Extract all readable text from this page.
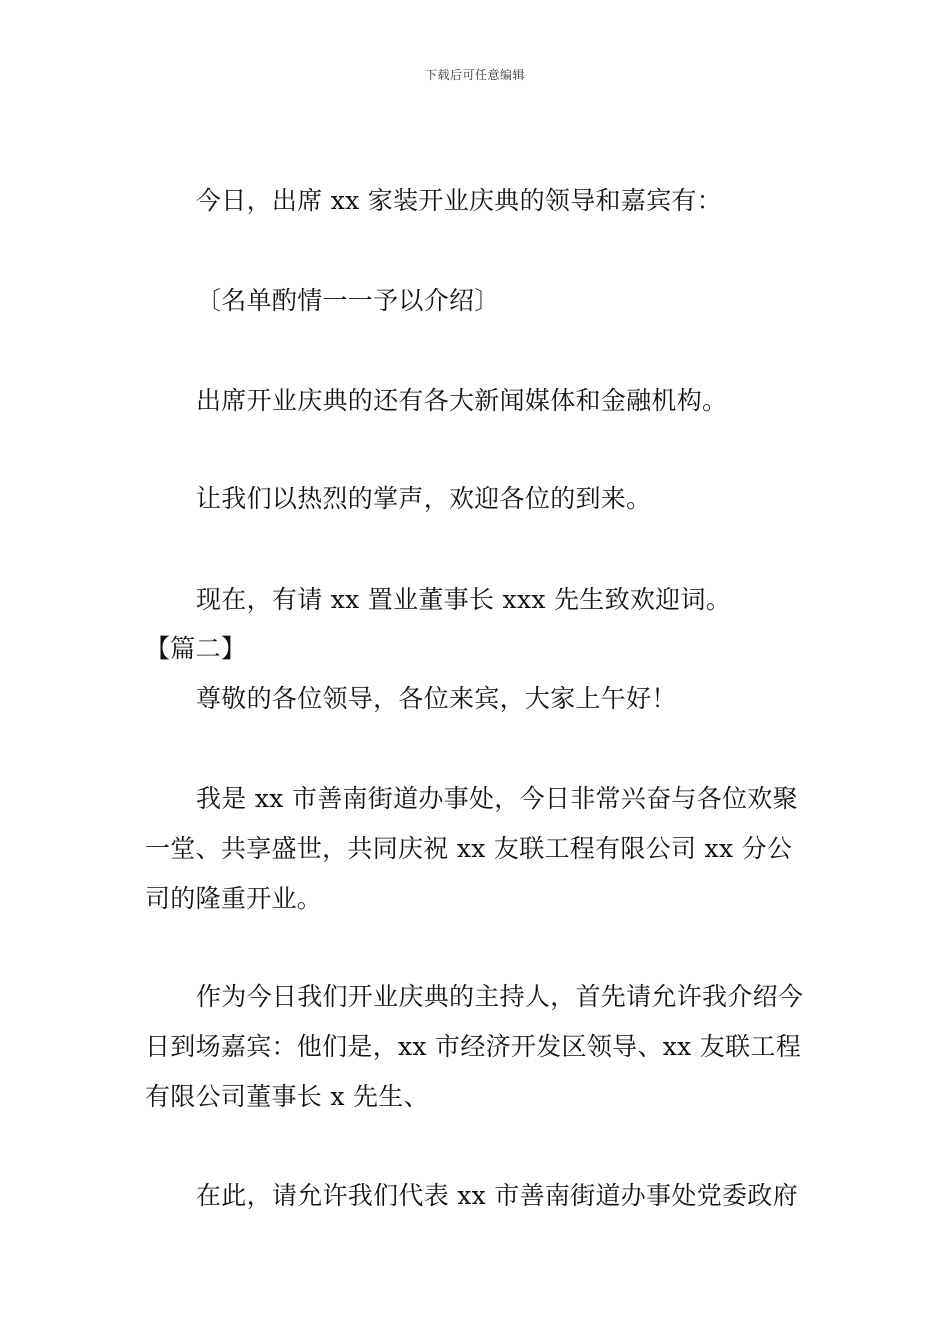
下载后可任意编辑
今日，出席 xx 家装开业庆典的领导和嘉宾有：
〔名单酌情一一予以介绍〕
出席开业庆典的还有各大新闻媒体和金融机构。
让我们以热烈的掌声，欢迎各位的到来。
现在，有请 xx 置业董事长 xxx 先生致欢迎词。
【篇二】
尊敬的各位领导，各位来宾，大家上午好！
我是 xx 市善南街道办事处，今日非常兴奋与各位欢聚一堂、共享盛世，共同庆祝 xx 友联工程有限公司 xx 分公司的隆重开业。
作为今日我们开业庆典的主持人，首先请允许我介绍今日到场嘉宾：他们是，xx 市经济开发区领导、xx 友联工程有限公司董事长 x 先生、
在此，请允许我们代表 xx 市善南街道办事处党委政府
